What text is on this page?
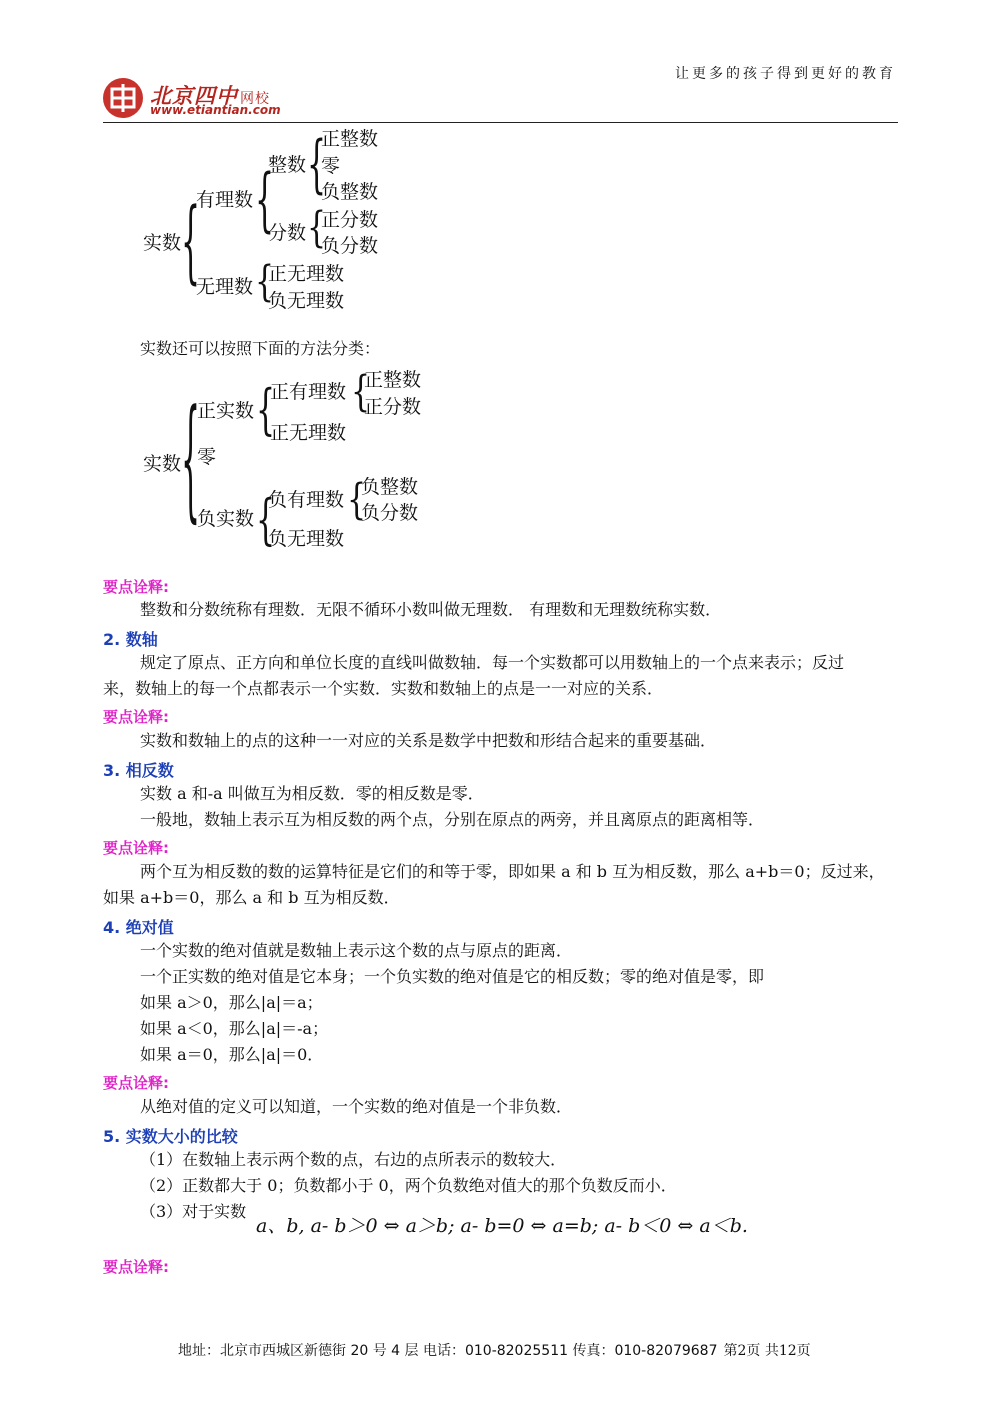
北京四中 网校
www.etiantian.com
让更多的孩子得到更好的教育
实数 {
有理数
无理数
{
整数
分数
{
正整数
零
负整数
{
正分数
负分数
{
正无理数
负无理数
实数还可以按照下面的方法分类：
实数 {
正实数
零
负实数
{
正有理数
正无理数
{
正整数
正分数
{
负有理数
负无理数
{
负整数
负分数
要点诠释:
整数和分数统称有理数．无限不循环小数叫做无理数． 有理数和无理数统称实数．
2. 数轴
规定了原点、正方向和单位长度的直线叫做数轴．每一个实数都可以用数轴上的一个点来表示；反过
来，数轴上的每一个点都表示一个实数．实数和数轴上的点是一一对应的关系．
要点诠释:
实数和数轴上的点的这种一一对应的关系是数学中把数和形结合起来的重要基础．
3. 相反数
实数 a 和-a 叫做互为相反数．零的相反数是零．
一般地，数轴上表示互为相反数的两个点，分别在原点的两旁，并且离原点的距离相等．
要点诠释:
两个互为相反数的数的运算特征是它们的和等于零，即如果 a 和 b 互为相反数，那么 a+b＝0；反过来，
如果 a+b＝0，那么 a 和 b 互为相反数．
4. 绝对值
一个实数的绝对值就是数轴上表示这个数的点与原点的距离．
一个正实数的绝对值是它本身；一个负实数的绝对值是它的相反数；零的绝对值是零，即
如果 a＞0，那么|a|＝a；
如果 a＜0，那么|a|＝-a；
如果 a＝0，那么|a|＝0．
要点诠释:
从绝对值的定义可以知道，一个实数的绝对值是一个非负数．
5. 实数大小的比较
（1）在数轴上表示两个数的点，右边的点所表示的数较大．
（2）正数都大于 0；负数都小于 0，两个负数绝对值大的那个负数反而小．
（3）对于实数
a、b, a- b＞0 ⇔ a＞b; a- b=0 ⇔ a=b; a- b＜0 ⇔ a＜b.
要点诠释:
地址：北京市西城区新德街 20 号 4 层 电话：010-82025511 传真：010-82079687 第2页 共12页
